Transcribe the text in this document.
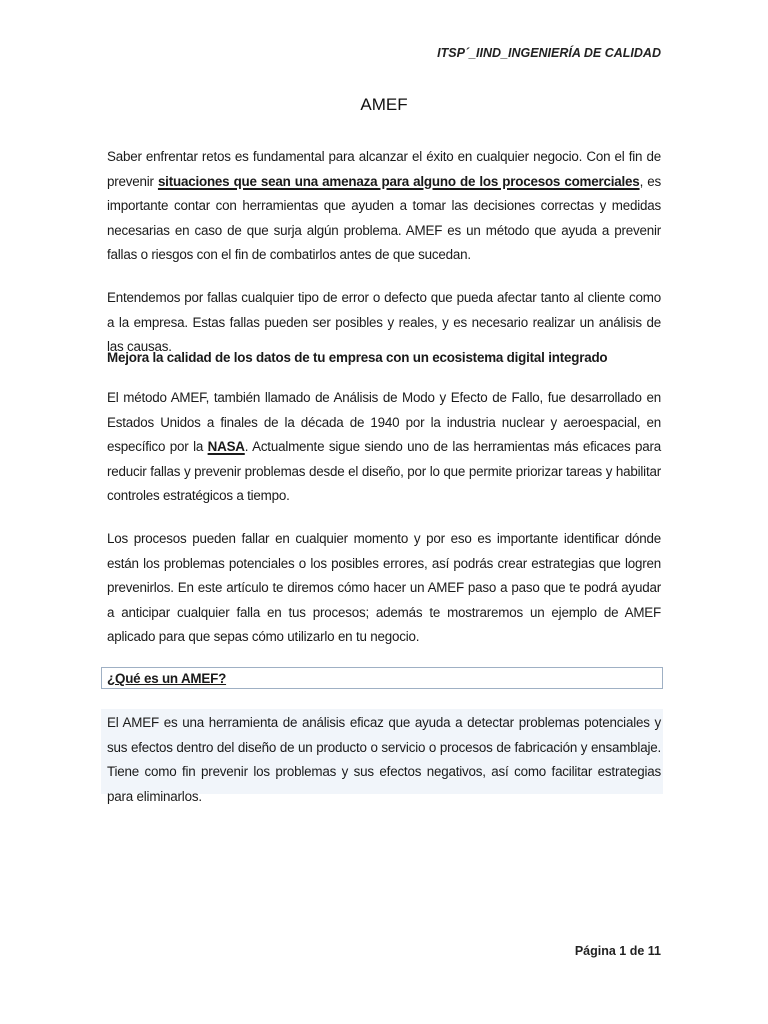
ITSP´_IIND_INGENIERÍA DE CALIDAD
AMEF
Saber enfrentar retos es fundamental para alcanzar el éxito en cualquier negocio. Con el fin de prevenir situaciones que sean una amenaza para alguno de los procesos comerciales, es importante contar con herramientas que ayuden a tomar las decisiones correctas y medidas necesarias en caso de que surja algún problema. AMEF es un método que ayuda a prevenir fallas o riesgos con el fin de combatirlos antes de que sucedan.
Entendemos por fallas cualquier tipo de error o defecto que pueda afectar tanto al cliente como a la empresa. Estas fallas pueden ser posibles y reales, y es necesario realizar un análisis de las causas.
Mejora la calidad de los datos de tu empresa con un ecosistema digital integrado
El método AMEF, también llamado de Análisis de Modo y Efecto de Fallo, fue desarrollado en Estados Unidos a finales de la década de 1940 por la industria nuclear y aeroespacial, en específico por la NASA. Actualmente sigue siendo uno de las herramientas más eficaces para reducir fallas y prevenir problemas desde el diseño, por lo que permite priorizar tareas y habilitar controles estratégicos a tiempo.
Los procesos pueden fallar en cualquier momento y por eso es importante identificar dónde están los problemas potenciales o los posibles errores, así podrás crear estrategias que logren prevenirlos. En este artículo te diremos cómo hacer un AMEF paso a paso que te podrá ayudar a anticipar cualquier falla en tus procesos; además te mostraremos un ejemplo de AMEF aplicado para que sepas cómo utilizarlo en tu negocio.
¿Qué es un AMEF?
El AMEF es una herramienta de análisis eficaz que ayuda a detectar problemas potenciales y sus efectos dentro del diseño de un producto o servicio o procesos de fabricación y ensamblaje. Tiene como fin prevenir los problemas y sus efectos negativos, así como facilitar estrategias para eliminarlos.
Página 1 de 11
